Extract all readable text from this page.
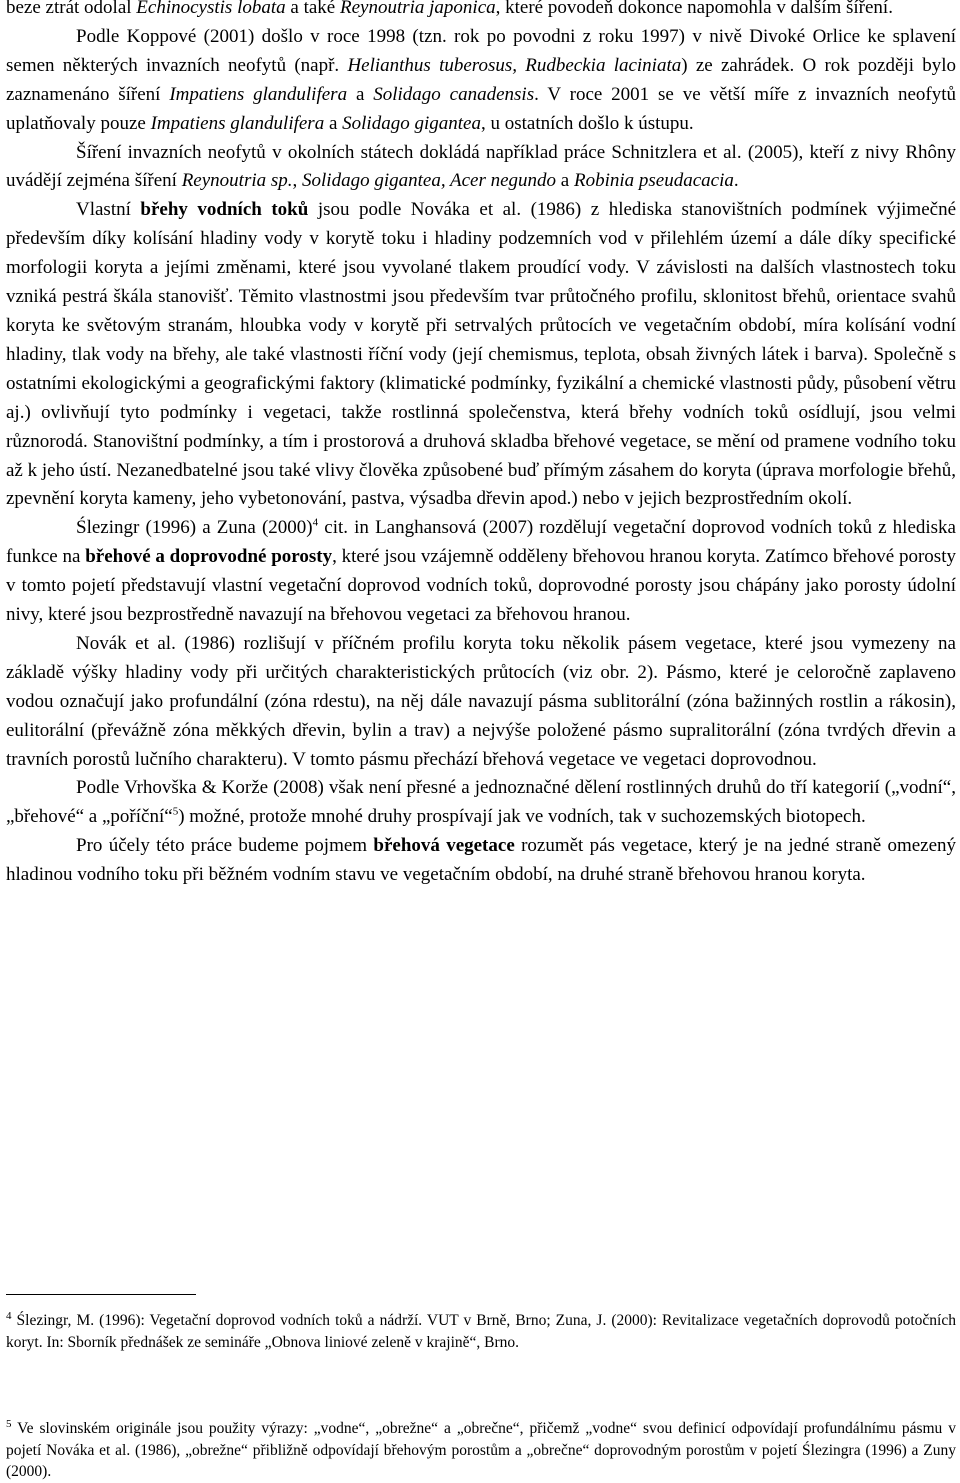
beze ztrát odolal Echinocystis lobata a také Reynoutria japonica, které povodeň dokonce napomohla v dalším šíření.

Podle Koppové (2001) došlo v roce 1998 (tzn. rok po povodni z roku 1997) v nivě Divoké Orlice ke splavení semen některých invazních neofytů (např. Helianthus tuberosus, Rudbeckia laciniata) ze zahrádek. O rok později bylo zaznamenáno šíření Impatiens glandulifera a Solidago canadensis. V roce 2001 se ve větší míře z invazních neofytů uplatňovaly pouze Impatiens glandulifera a Solidago gigantea, u ostatních došlo k ústupu.

Šíření invazních neofytů v okolních státech dokládá například práce Schnitzlera et al. (2005), kteří z nivy Rhôny uvádějí zejména šíření Reynoutria sp., Solidago gigantea, Acer negundo a Robinia pseudacacia.

Vlastní břehy vodních toků jsou podle Nováka et al. (1986) z hlediska stanovištních podmínek výjimečné především díky kolísání hladiny vody v korytě toku i hladiny podzemních vod v přilehlém území a dále díky specifické morfologii koryta a jejími změnami, které jsou vyvolané tlakem proudící vody. V závislosti na dalších vlastnostech toku vzniká pestrá škála stanovišť. Těmito vlastnostmi jsou především tvar průtočného profilu, sklonitost břehů, orientace svahů koryta ke světovým stranám, hloubka vody v korytě při setrvalých průtocích ve vegetačním období, míra kolísání vodní hladiny, tlak vody na břehy, ale také vlastnosti říční vody (její chemismus, teplota, obsah živných látek i barva). Společně s ostatními ekologickými a geografickými faktory (klimatické podmínky, fyzikální a chemické vlastnosti půdy, působení větru aj.) ovlivňují tyto podmínky i vegetaci, takže rostlinná společenstva, která břehy vodních toků osídlují, jsou velmi různorodá. Stanovištní podmínky, a tím i prostorová a druhová skladba břehové vegetace, se mění od pramene vodního toku až k jeho ústí. Nezanedbatelné jsou také vlivy člověka způsobené buď přímým zásahem do koryta (úprava morfologie břehů, zpevnění koryta kameny, jeho vybetonování, pastva, výsadba dřevin apod.) nebo v jejich bezprostředním okolí.

Ślezingr (1996) a Zuna $(2000)^4$ cit. in Langhansová (2007) rozdělují vegetační doprovod vodních toků z hlediska funkce na břehové a doprovodné porosty, které jsou vzájemně odděleny břehovou hranou koryta. Zatímco břehové porosty v tomto pojetí představují vlastní vegetační doprovod vodních toků, doprovodné porosty jsou chápány jako porosty údolní nivy, které jsou bezprostředně navazují na břehovou vegetaci za břehovou hranou.

Novák et al. (1986) rozlišují v příčném profilu koryta toku několik pásem vegetace, které jsou vymezeny na základě výšky hladiny vody při určitých charakteristických průtocích (viz obr. 2). Pásmo, které je celoročně zaplaveno vodou označují jako profundální (zóna rdestu), na něj dále navazují pásma sublitorální (zóna bažinných rostlin a rákosin), eulitorální (převážně zóna měkkých dřevin, bylin a trav) a nejvýše položené pásmo supralitorální (zóna tvrdých dřevin a travních porostů lučního charakteru). V tomto pásmu přechází břehová vegetace ve vegetaci doprovodnou.

Podle Vrhovška & Korže (2008) však není přesné a jednoznačné dělení rostlinných druhů do tří kategorií („vodní“, „břehové“ a „poříční“$^5$) možné, protože mnohé druhy prospívají jak ve vodních, tak v suchozemských biotopech.

Pro účely této práce budeme pojmem břehová vegetace rozumět pás vegetace, který je na jedné straně omezený hladinou vodního toku při běžném vodním stavu ve vegetačním období, na druhé straně břehovou hranou koryta.

$^4$ Ślezingr, M. (1996): Vegetační doprovod vodních toků a nádrží. VUT v Brně, Brno; Zuna, J. (2000): Revitalizace vegetačních doprovodů potočních koryt. In: Sborník přednášek ze semináře „Obnova liniové zeleně v krajině“, Brno.

$^5$ Ve slovinském originále jsou použity výrazy: „vodne“, „obrežne“ a „obrečne“, přičemž „vodne“ svou definicí odpovídají profundálnímu pásmu v pojetí Nováka et al. (1986), „obrežne“ přibližně odpovídají břehovým porostům a „obrečne“ doprovodným porostům v pojetí Ślezingra (1996) a Zuny (2000).
